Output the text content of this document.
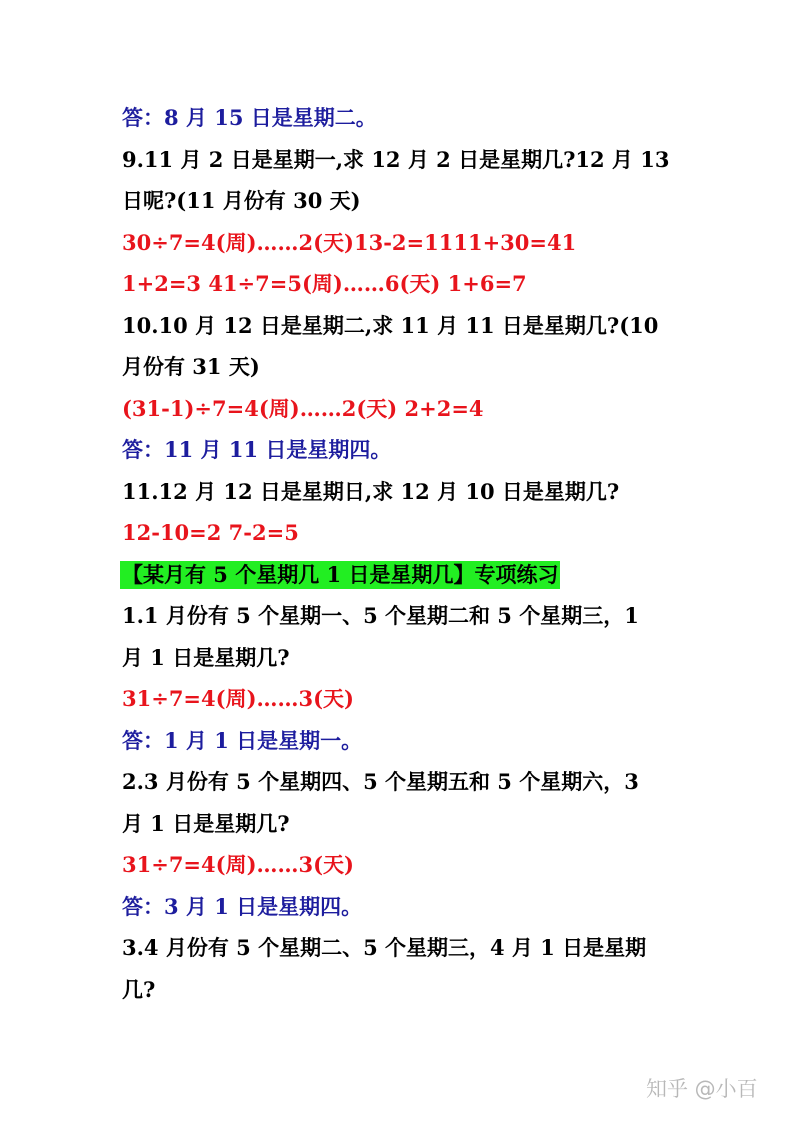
答：8 月 15 日是星期二。
9.11 月 2 日是星期一,求 12 月 2 日是星期几?12 月 13
日呢?(11 月份有 30 天)
30÷7=4(周)……2(天)13-2=1111+30=41
1+2=3 41÷7=5(周)……6(天) 1+6=7
10.10 月 12 日是星期二,求 11 月 11 日是星期几?(10
月份有 31 天)
(31-1)÷7=4(周)……2(天) 2+2=4
答：11 月 11 日是星期四。
11.12 月 12 日是星期日,求 12 月 10 日是星期几?
12-10=2 7-2=5
【某月有 5 个星期几 1 日是星期几】专项练习
1.1 月份有 5 个星期一、5 个星期二和 5 个星期三，1
月 1 日是星期几?
31÷7=4(周)……3(天)
答：1 月 1 日是星期一。
2.3 月份有 5 个星期四、5 个星期五和 5 个星期六，3
月 1 日是星期几?
31÷7=4(周)……3(天)
答：3 月 1 日是星期四。
3.4 月份有 5 个星期二、5 个星期三，4 月 1 日是星期
几?
知乎 @小百
